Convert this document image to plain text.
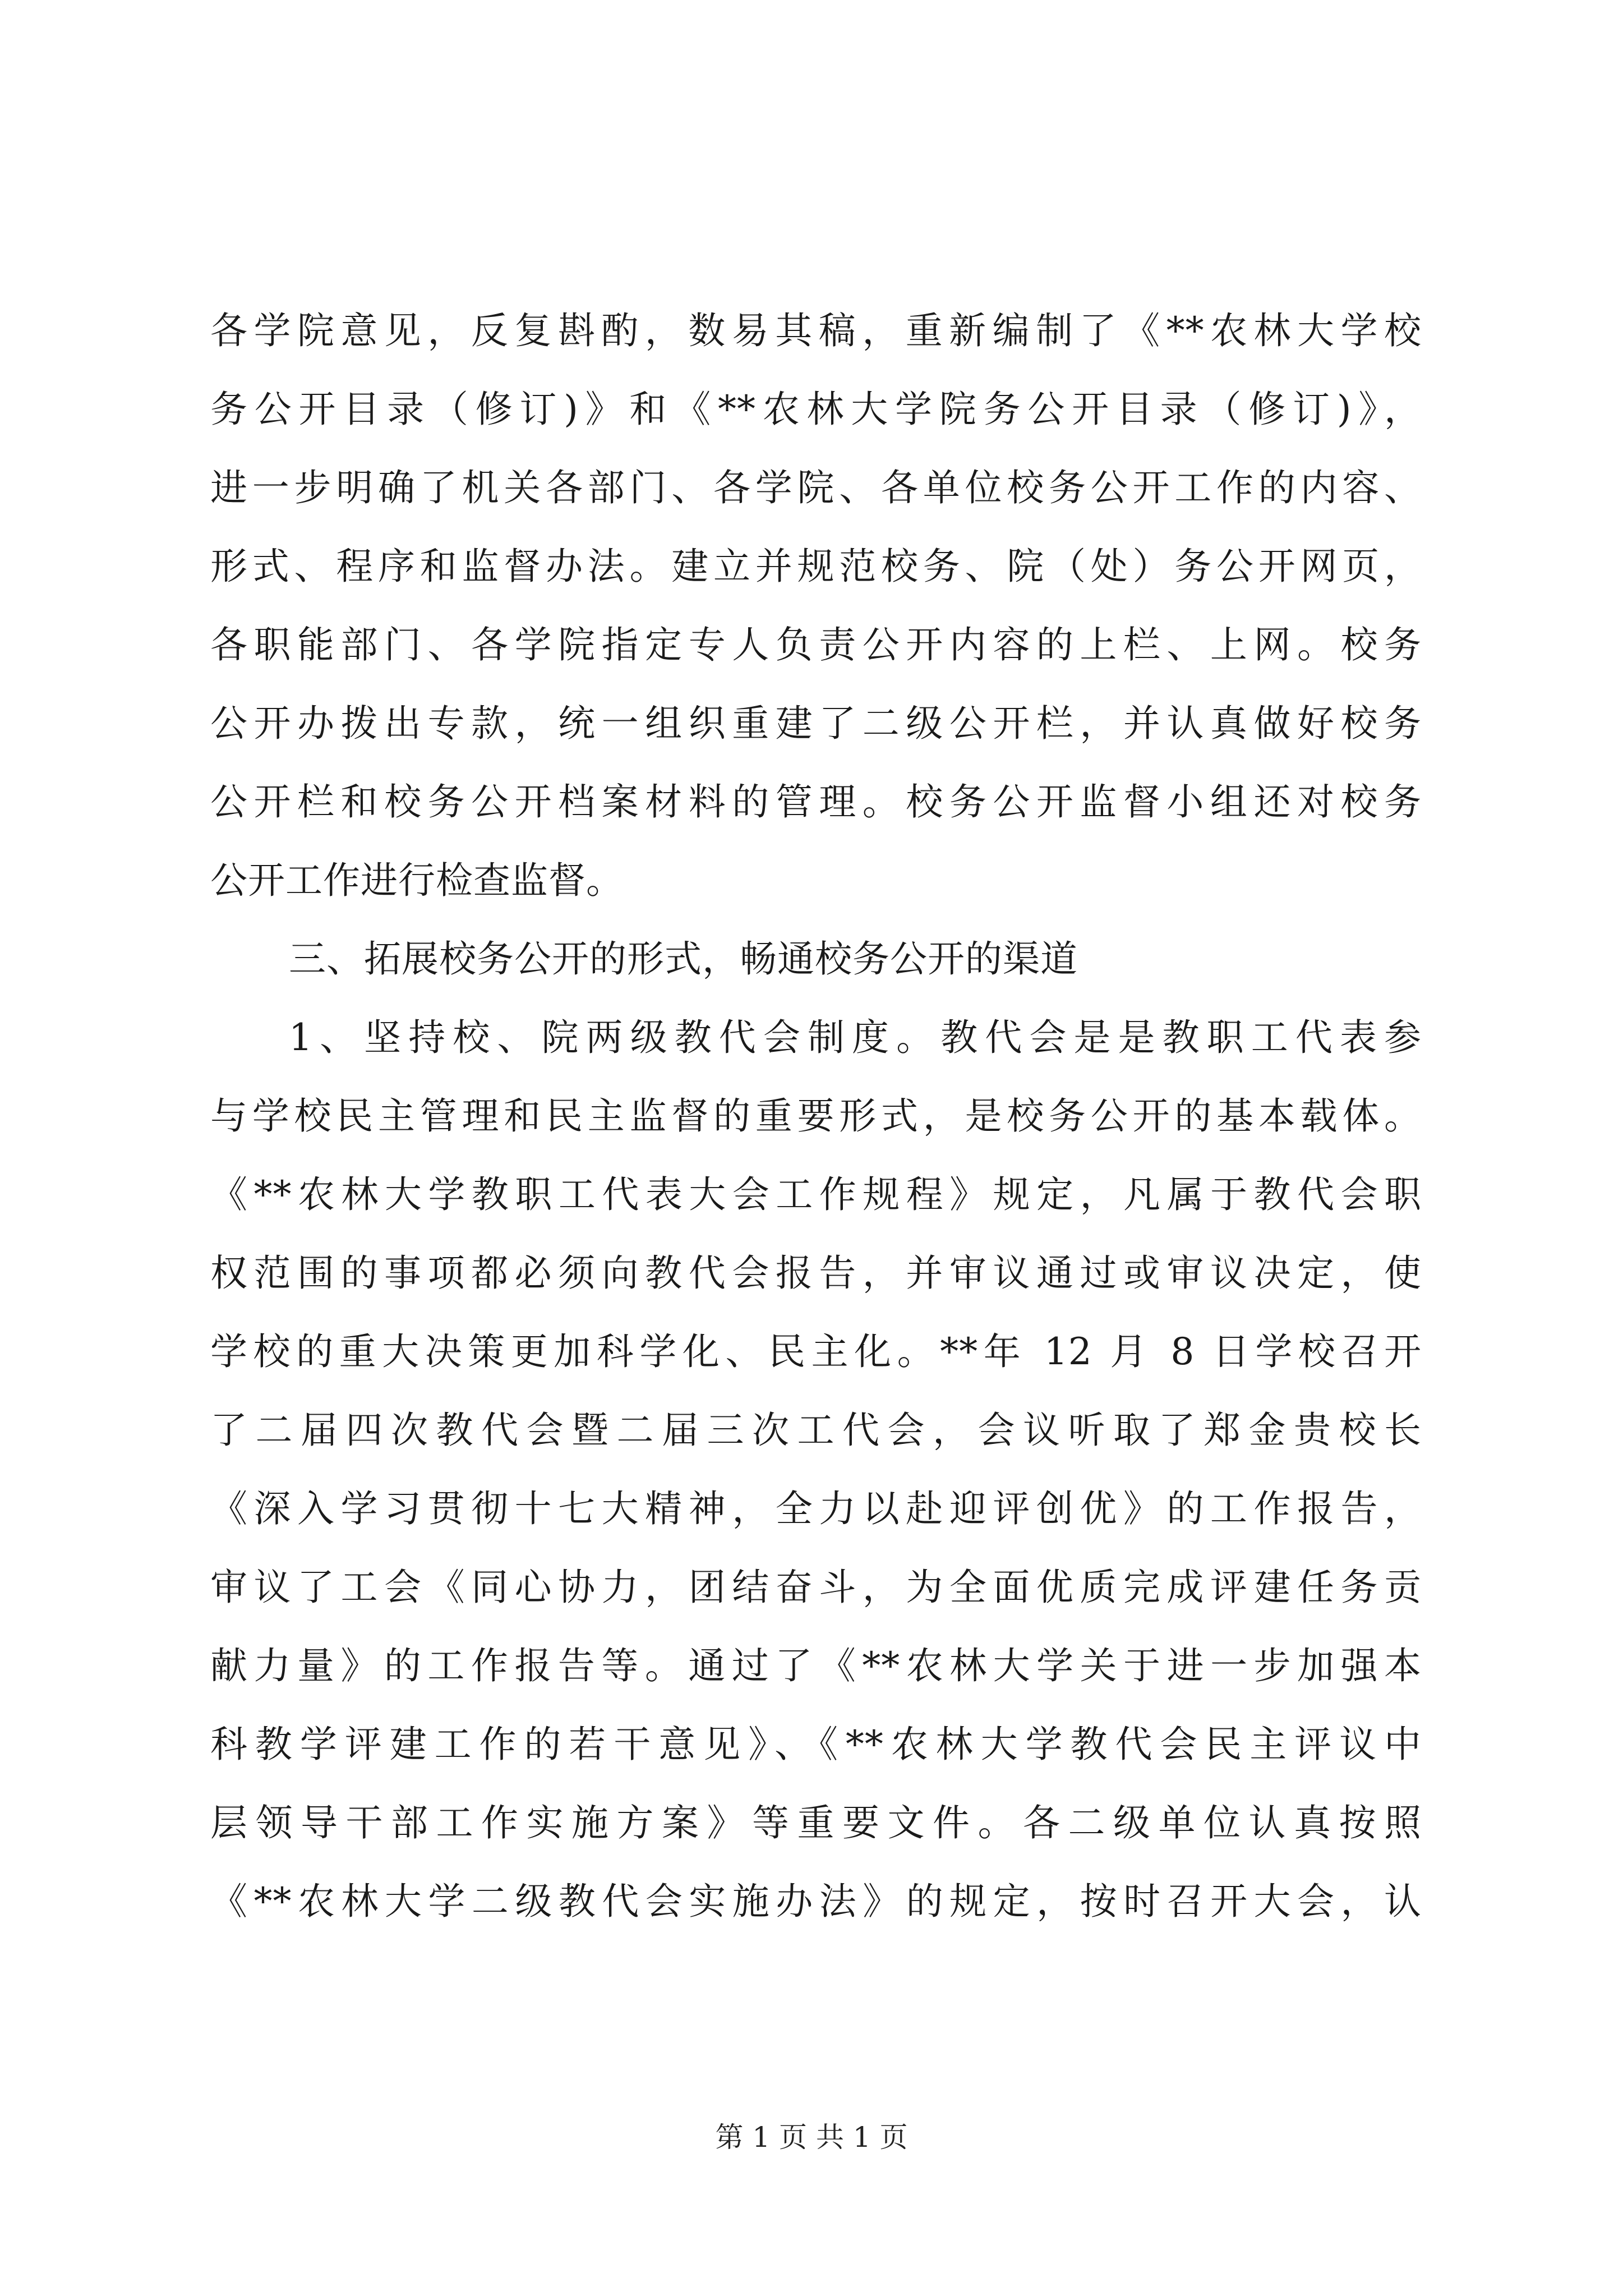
各学院意见，反复斟酌，数易其稿，重新编制了《**农林大学校
务公开目录（修订)》和《**农林大学院务公开目录（修订)》，
进一步明确了机关各部门、各学院、各单位校务公开工作的内容、
形式、程序和监督办法。建立并规范校务、院（处）务公开网页，
各职能部门、各学院指定专人负责公开内容的上栏、上网。校务
公开办拨出专款，统一组织重建了二级公开栏，并认真做好校务
公开栏和校务公开档案材料的管理。校务公开监督小组还对校务
公开工作进行检查监督。
三、拓展校务公开的形式，畅通校务公开的渠道
1、坚持校、院两级教代会制度。教代会是是教职工代表参
与学校民主管理和民主监督的重要形式，是校务公开的基本载体。
《**农林大学教职工代表大会工作规程》规定，凡属于教代会职
权范围的事项都必须向教代会报告，并审议通过或审议决定，使
学校的重大决策更加科学化、民主化。**年 12 月 8 日学校召开
了二届四次教代会暨二届三次工代会，会议听取了郑金贵校长
《深入学习贯彻十七大精神，全力以赴迎评创优》的工作报告，
审议了工会《同心协力，团结奋斗，为全面优质完成评建任务贡
献力量》的工作报告等。通过了《**农林大学关于进一步加强本
科教学评建工作的若干意见》、《**农林大学教代会民主评议中
层领导干部工作实施方案》等重要文件。各二级单位认真按照
《**农林大学二级教代会实施办法》的规定，按时召开大会，认
第 1 页 共 1 页
